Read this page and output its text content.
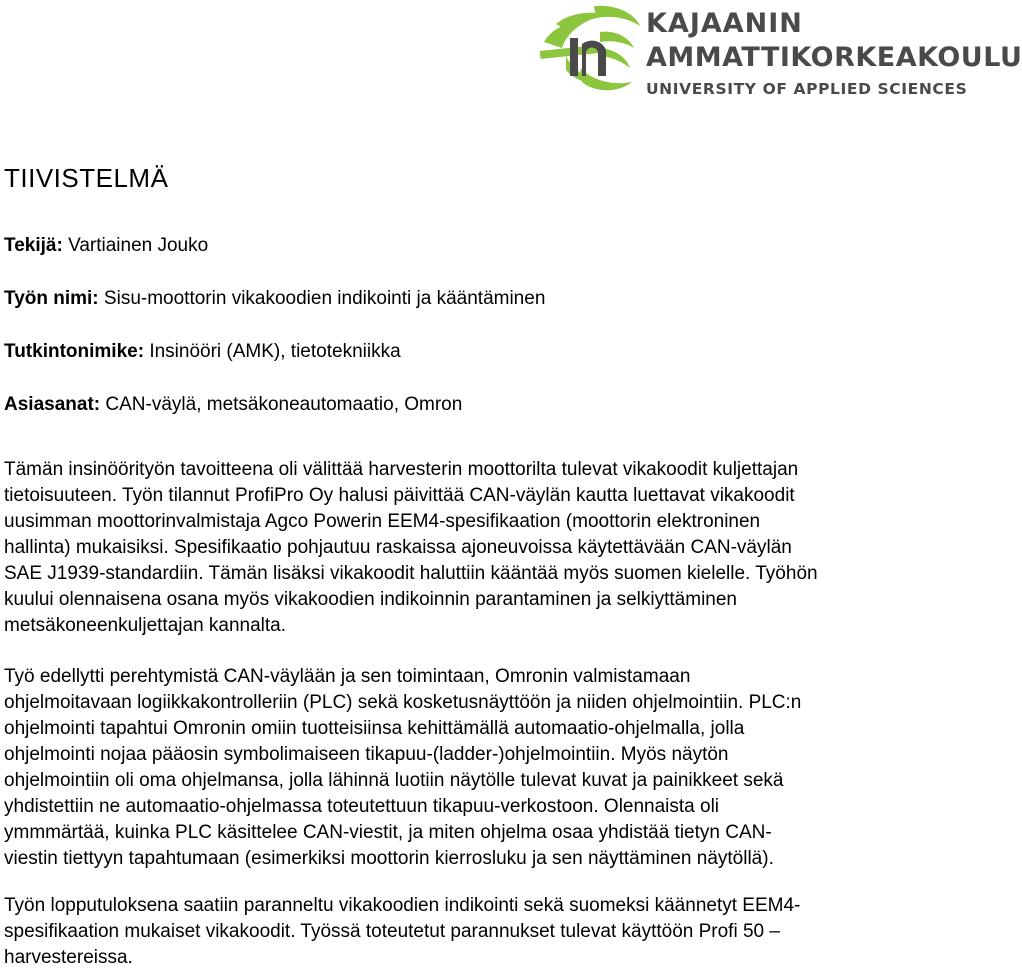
KAJAANIN
AMMATTIKORKEAKOULU
UNIVERSITY OF APPLIED SCIENCES
TIIVISTELMÄ
Tekijä: Vartiainen Jouko
Työn nimi: Sisu-moottorin vikakoodien indikointi ja kääntäminen
Tutkintonimike: Insinööri (AMK), tietotekniikka
Asiasanat: CAN-väylä, metsäkoneautomaatio, Omron

Tämän insinöörityön tavoitteena oli välittää harvesterin moottorilta tulevat vikakoodit kuljettajan
tietoisuuteen. Työn tilannut ProfiPro Oy halusi päivittää CAN-väylän kautta luettavat vikakoodit
uusimman moottorinvalmistaja Agco Powerin EEM4-spesifikaation (moottorin elektroninen
hallinta) mukaisiksi. Spesifikaatio pohjautuu raskaissa ajoneuvoissa käytettävään CAN-väylän
SAE J1939-standardiin. Tämän lisäksi vikakoodit haluttiin kääntää myös suomen kielelle. Työhön
kuului olennaisena osana myös vikakoodien indikoinnin parantaminen ja selkiyttäminen
metsäkoneenkuljettajan kannalta.

Työ edellytti perehtymistä CAN-väylään ja sen toimintaan, Omronin valmistamaan
ohjelmoitavaan logiikkakontrolleriin (PLC) sekä kosketusnäyttöön ja niiden ohjelmointiin. PLC:n
ohjelmointi tapahtui Omronin omiin tuotteisiinsa kehittämällä automaatio-ohjelmalla, jolla
ohjelmointi nojaa pääosin symbolimaiseen tikapuu-(ladder-)ohjelmointiin. Myös näytön
ohjelmointiin oli oma ohjelmansa, jolla lähinnä luotiin näytölle tulevat kuvat ja painikkeet sekä
yhdistettiin ne automaatio-ohjelmassa toteutettuun tikapuu-verkostoon. Olennaista oli
ymmmärtää, kuinka PLC käsittelee CAN-viestit, ja miten ohjelma osaa yhdistää tietyn CAN-
viestin tiettyyn tapahtumaan (esimerkiksi moottorin kierrosluku ja sen näyttäminen näytöllä).

Työn lopputuloksena saatiin paranneltu vikakoodien indikointi sekä suomeksi käännetyt EEM4-
spesifikaation mukaiset vikakoodit. Työssä toteutetut parannukset tulevat käyttöön Profi 50 –
harvestereissa.
